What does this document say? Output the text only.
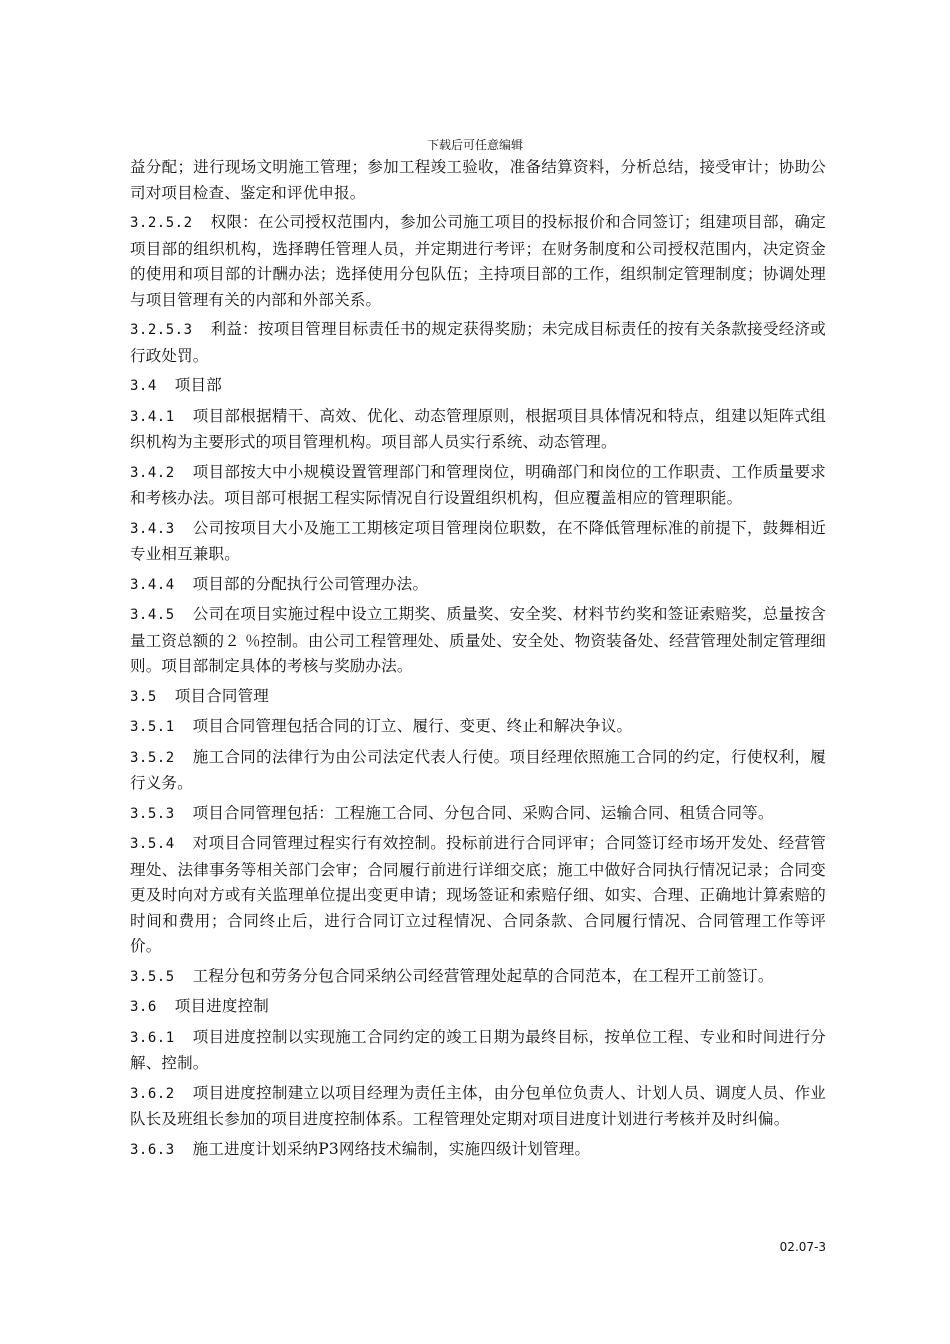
下载后可任意编辑

益分配；进行现场文明施工管理；参加工程竣工验收，准备结算资料，分析总结，接受审计；协助公司对项目检查、鉴定和评优申报。

3.2.5.2 权限：在公司授权范围内，参加公司施工项目的投标报价和合同签订；组建项目部，确定项目部的组织机构，选择聘任管理人员，并定期进行考评；在财务制度和公司授权范围内，决定资金的使用和项目部的计酬办法；选择使用分包队伍；主持项目部的工作，组织制定管理制度；协调处理与项目管理有关的内部和外部关系。

3.2.5.3 利益：按项目管理目标责任书的规定获得奖励；未完成目标责任的按有关条款接受经济或行政处罚。

3.4 项目部

3.4.1 项目部根据精干、高效、优化、动态管理原则，根据项目具体情况和特点，组建以矩阵式组织机构为主要形式的项目管理机构。项目部人员实行系统、动态管理。

3.4.2 项目部按大中小规模设置管理部门和管理岗位，明确部门和岗位的工作职责、工作质量要求和考核办法。项目部可根据工程实际情况自行设置组织机构，但应覆盖相应的管理职能。

3.4.3 公司按项目大小及施工工期核定项目管理岗位职数，在不降低管理标准的前提下，鼓舞相近专业相互兼职。

3.4.4 项目部的分配执行公司管理办法。

3.4.5 公司在项目实施过程中设立工期奖、质量奖、安全奖、材料节约奖和签证索赔奖，总量按含量工资总额的２ ％控制。由公司工程管理处、质量处、安全处、物资装备处、经营管理处制定管理细则。项目部制定具体的考核与奖励办法。

3.5 项目合同管理

3.5.1 项目合同管理包括合同的订立、履行、变更、终止和解决争议。

3.5.2 施工合同的法律行为由公司法定代表人行使。项目经理依照施工合同的约定，行使权利，履行义务。

3.5.3 项目合同管理包括：工程施工合同、分包合同、采购合同、运输合同、租赁合同等。

3.5.4 对项目合同管理过程实行有效控制。投标前进行合同评审；合同签订经市场开发处、经营管理处、法律事务等相关部门会审；合同履行前进行详细交底；施工中做好合同执行情况记录；合同变更及时向对方或有关监理单位提出变更申请；现场签证和索赔仔细、如实、合理、正确地计算索赔的时间和费用；合同终止后，进行合同订立过程情况、合同条款、合同履行情况、合同管理工作等评价。

3.5.5 工程分包和劳务分包合同采纳公司经营管理处起草的合同范本，在工程开工前签订。

3.6 项目进度控制

3.6.1 项目进度控制以实现施工合同约定的竣工日期为最终目标，按单位工程、专业和时间进行分解、控制。

3.6.2 项目进度控制建立以项目经理为责任主体，由分包单位负责人、计划人员、调度人员、作业队长及班组长参加的项目进度控制体系。工程管理处定期对项目进度计划进行考核并及时纠偏。

3.6.3 施工进度计划采纳P3网络技术编制，实施四级计划管理。

02.07-3
